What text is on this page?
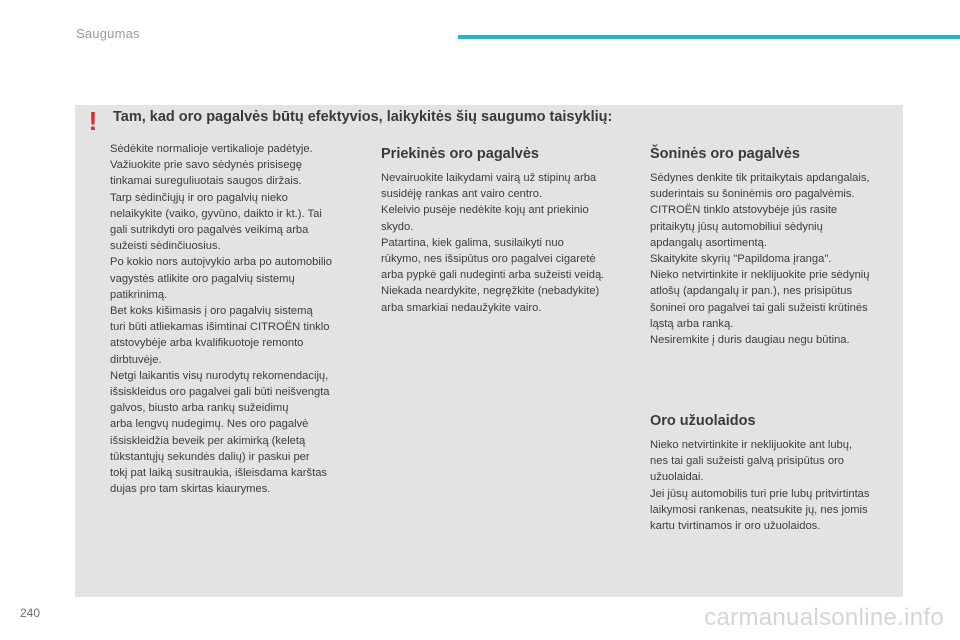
Saugumas
! Tam, kad oro pagalvės būtų efektyvios, laikykitės šių saugumo taisyklių:

Sėdėkite normalioje vertikalioje padėtyje.

Važiuokite prie savo sėdynės prisisegę

tinkamai sureguliuotais saugos diržais.

Tarp sėdinčiųjų ir oro pagalvių nieko

nelaikykite (vaiko, gyvūno, daikto ir kt.). Tai

gali sutrikdyti oro pagalvės veikimą arba

sužeisti sėdinčiuosius.

Po kokio nors autoįvykio arba po automobilio

vagystės atlikite oro pagalvių sistemų

patikrinimą.

Bet koks kišimasis į oro pagalvių sistemą

turi būti atliekamas išimtinai CITROËN tinklo

atstovybėje arba kvalifikuotoje remonto

dirbtuvėje.

Netgi laikantis visų nurodytų rekomendacijų,

išsiskleidus oro pagalvei gali būti neišvengta

galvos, biusto arba rankų sužeidimų

arba lengvų nudegimų. Nes oro pagalvė

išsiskleidžia beveik per akimirką (keletą

tūkstantųjų sekundės dalių) ir paskui per

tokį pat laiką susitraukia, išleisdama karštas

dujas pro tam skirtas kiaurymes.

Priekinės oro pagalvės

Nevairuokite laikydami vairą už stipinų arba

susidėję rankas ant vairo centro.

Keleivio pusėje nedėkite kojų ant priekinio

skydo.

Patartina, kiek galima, susilaikyti nuo

rūkymo, nes išsipūtus oro pagalvei cigaretė

arba pypkė gali nudeginti arba sužeisti veidą.

Niekada neardykite, negręžkite (nebadykite)

arba smarkiai nedaužykite vairo.

Šoninės oro pagalvės

Sėdynes denkite tik pritaikytais apdangalais,

suderintais su šoninėmis oro pagalvėmis.

CITROËN tinklo atstovybėje jūs rasite

pritaikytų jūsų automobiliui sėdynių

apdangalų asortimentą.

Skaitykite skyrių "Papildoma įranga".

Nieko netvirtinkite ir neklijuokite prie sėdynių

atlošų (apdangalų ir pan.), nes prisipūtus

šoninei oro pagalvei tai gali sužeisti krūtinės

ląstą arba ranką.

Nesiremkite į duris daugiau negu būtina.

Oro užuolaidos

Nieko netvirtinkite ir neklijuokite ant lubų,

nes tai gali sužeisti galvą prisipūtus oro

užuolaidai.

Jei jūsų automobilis turi prie lubų pritvirtintas

laikymosi rankenas, neatsukite jų, nes jomis

kartu tvirtinamos ir oro užuolaidos.

240	carmanualsonline.info
